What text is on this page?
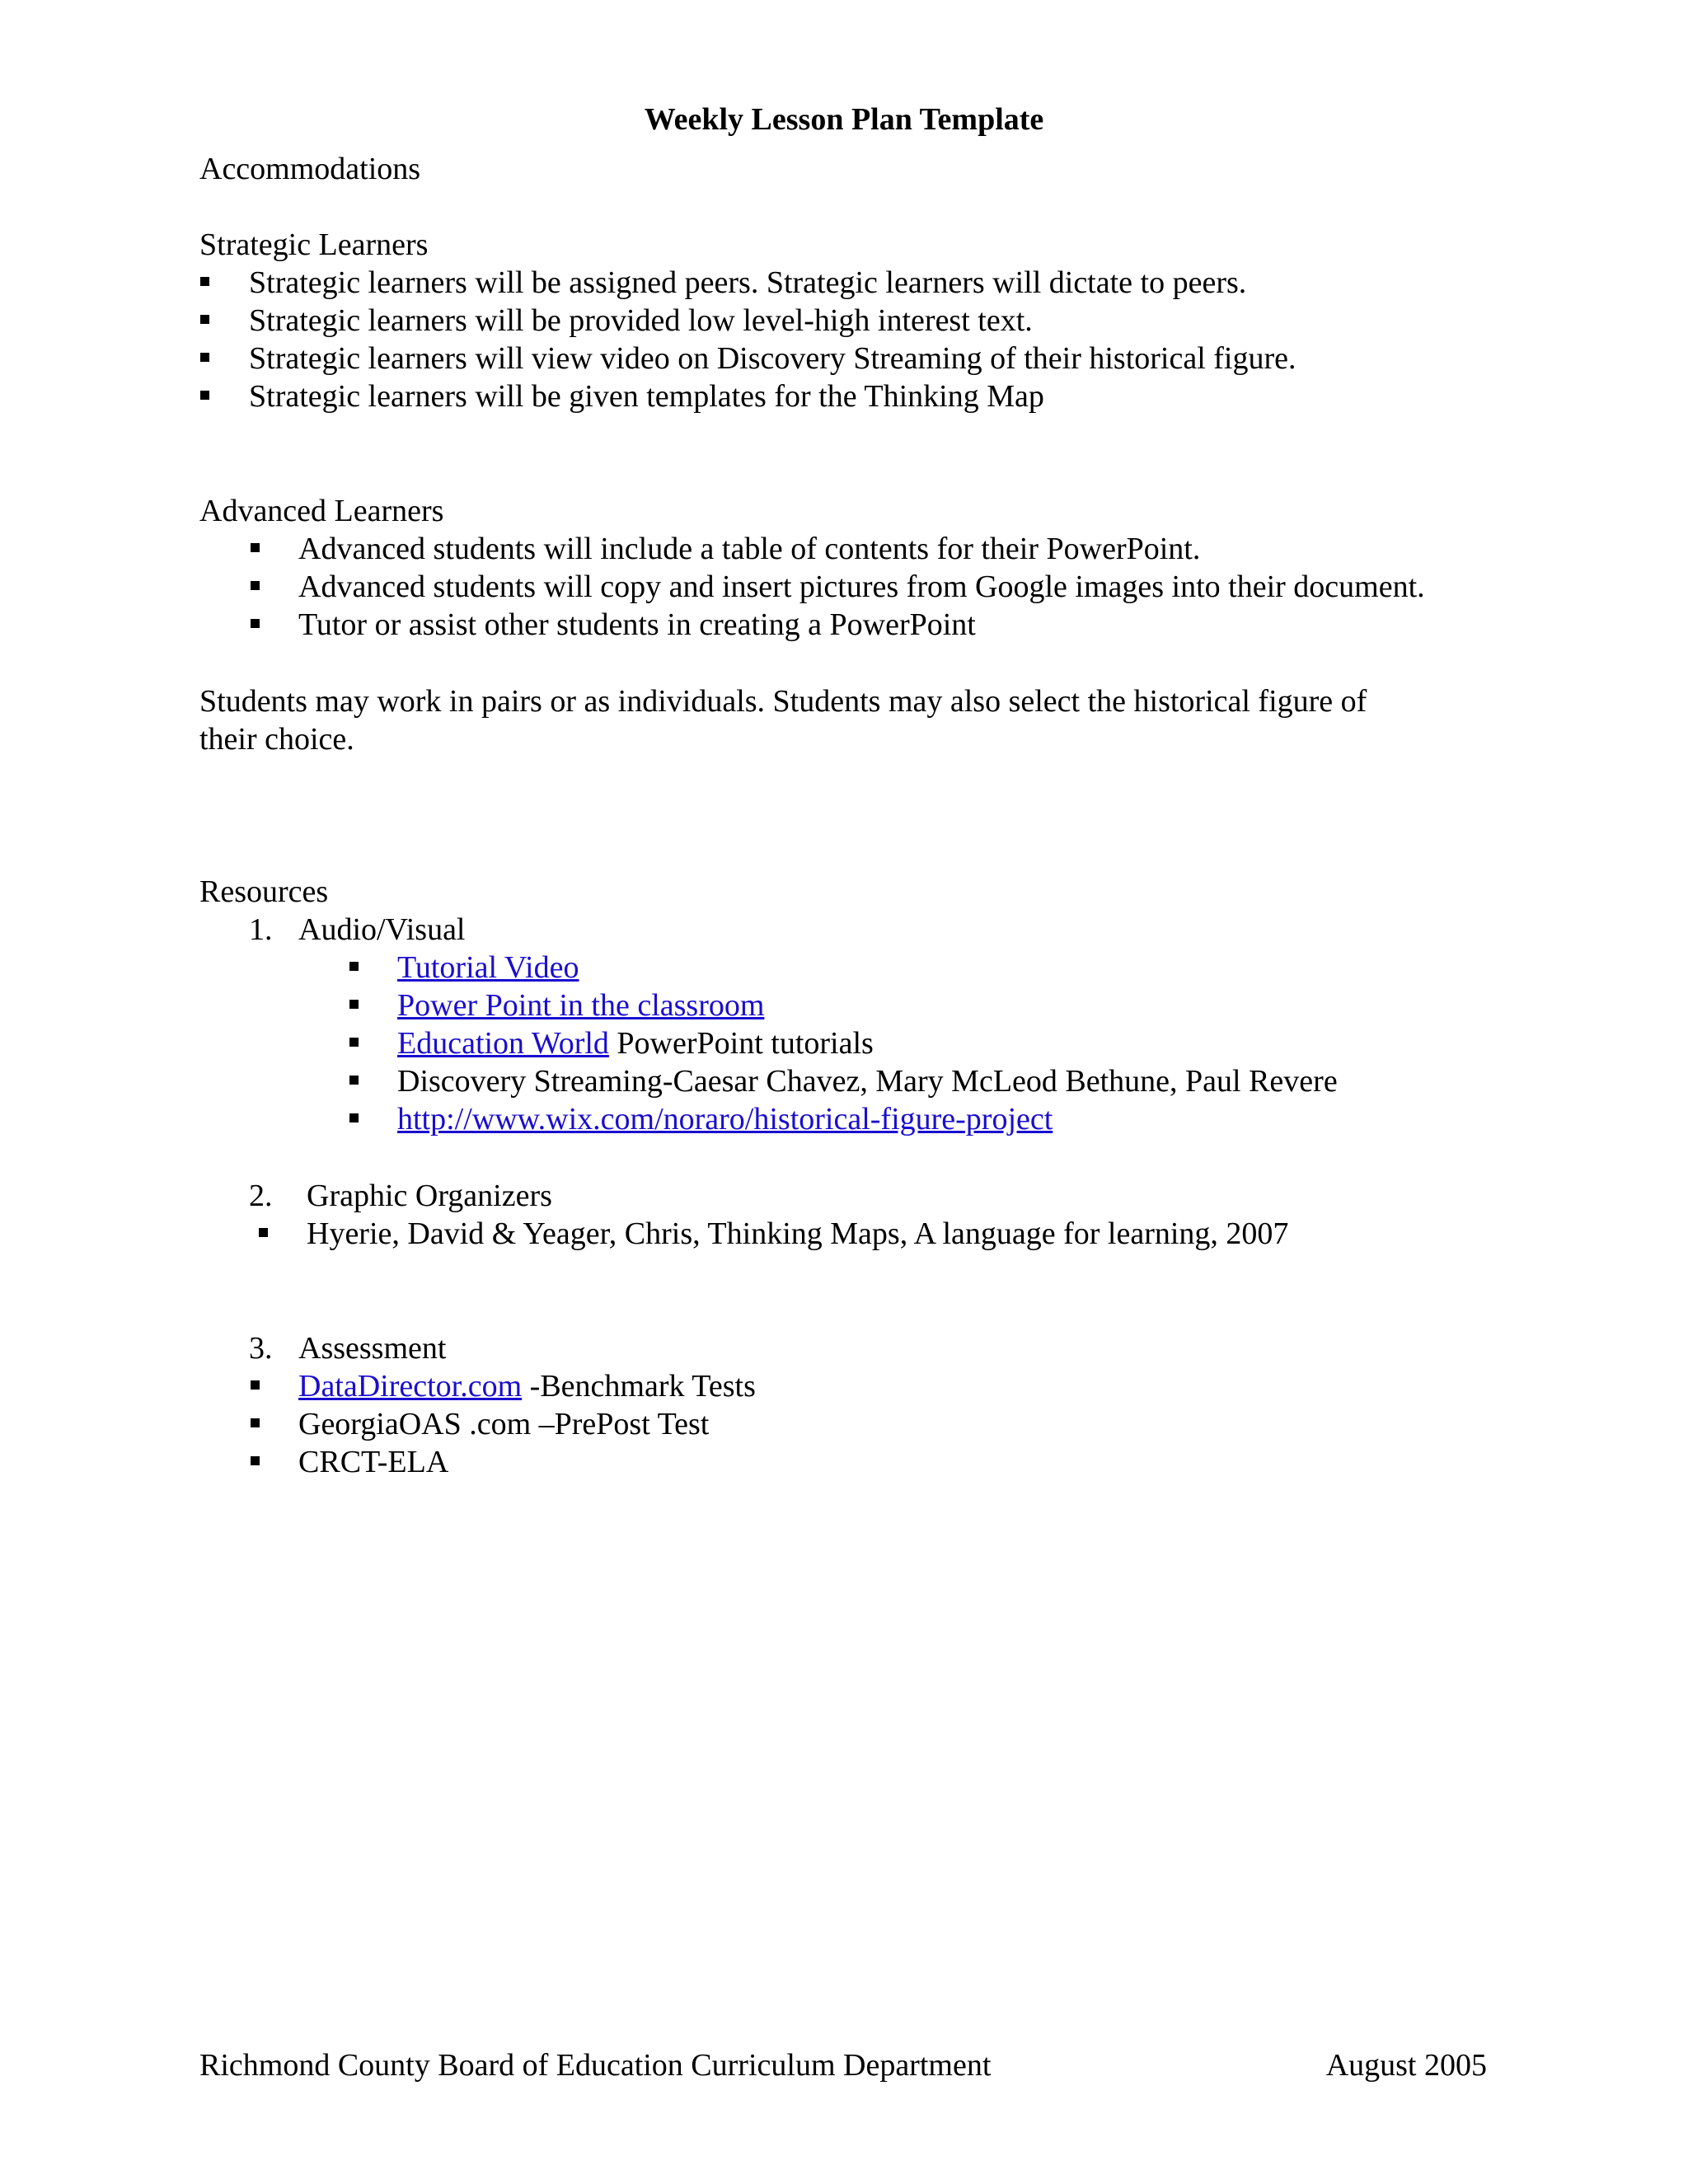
Weekly Lesson Plan Template
Accommodations
Strategic Learners
Strategic learners will be assigned peers. Strategic learners will dictate to peers.
Strategic learners will be provided low level-high interest text.
Strategic learners will view video on Discovery Streaming of their historical figure.
Strategic learners will be given templates for the Thinking Map
Advanced Learners
Advanced students will include a table of contents for their PowerPoint.
Advanced students will copy and insert pictures from Google images into their document.
Tutor or assist other students in creating a PowerPoint
Students may work in pairs or as individuals. Students may also select the historical figure of
their choice.
Resources
1. Audio/Visual
Tutorial Video
Power Point in the classroom
Education World PowerPoint tutorials
Discovery Streaming-Caesar Chavez, Mary McLeod Bethune, Paul Revere
http://www.wix.com/noraro/historical-figure-project
2. Graphic Organizers
Hyerie, David & Yeager, Chris, Thinking Maps, A language for learning, 2007
3. Assessment
DataDirector.com -Benchmark Tests
GeorgiaOAS .com –PrePost Test
CRCT-ELA
Richmond County Board of Education Curriculum Department	August 2005
